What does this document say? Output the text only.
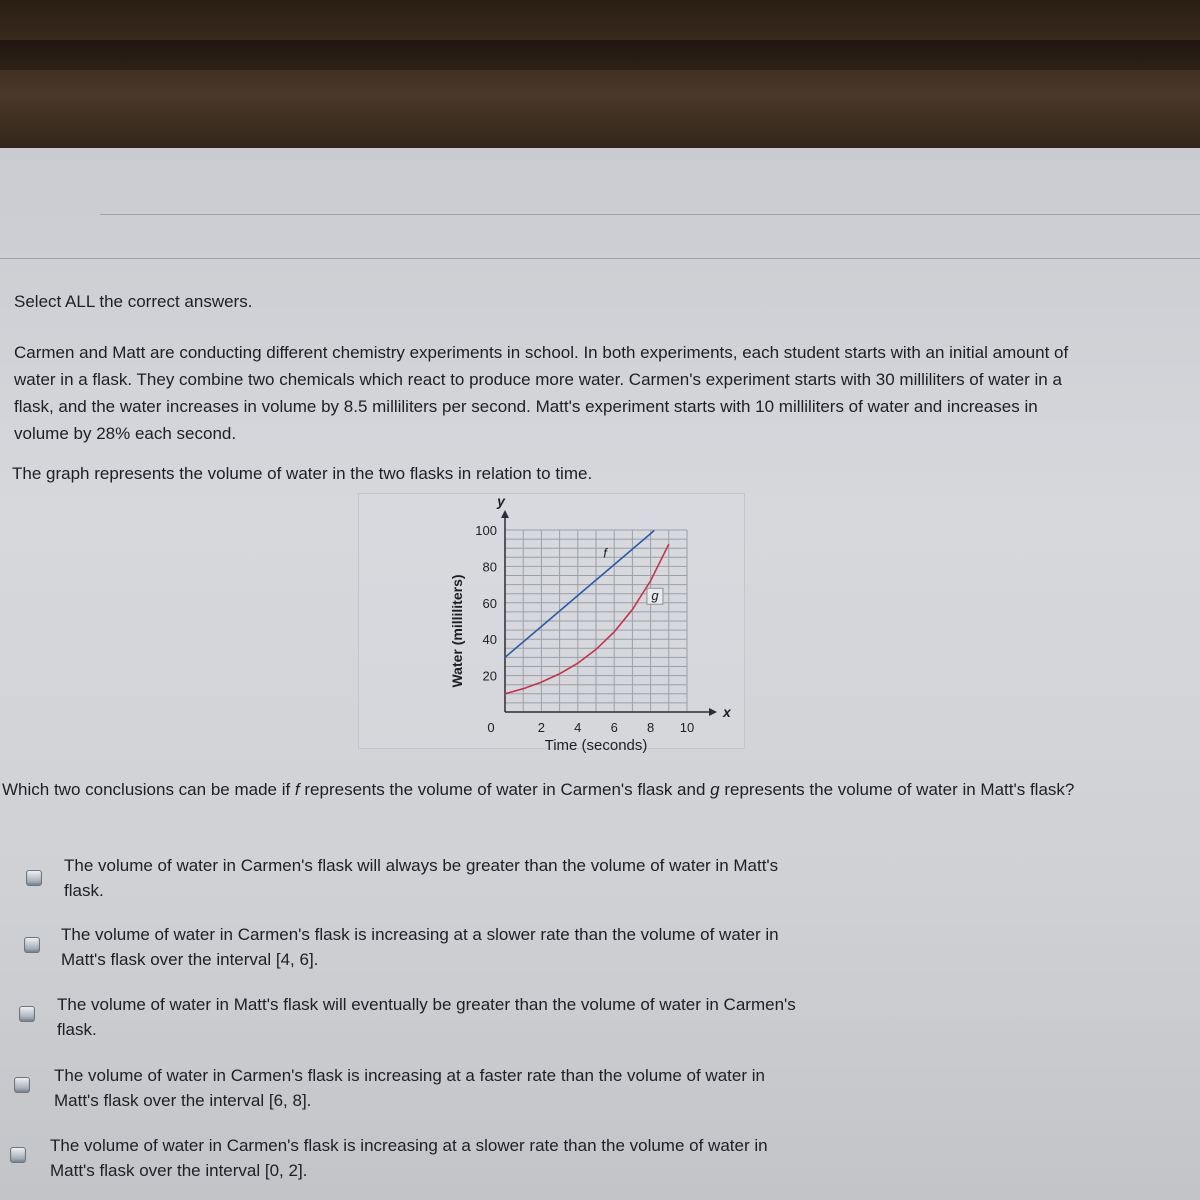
Select ALL the correct answers.
Carmen and Matt are conducting different chemistry experiments in school. In both experiments, each student starts with an initial amount of
water in a flask. They combine two chemicals which react to produce more water. Carmen's experiment starts with 30 milliliters of water in a
flask, and the water increases in volume by 8.5 milliliters per second. Matt's experiment starts with 10 milliliters of water and increases in
volume by 28% each second.
The graph represents the volume of water in the two flasks in relation to time.
x
y
0	2 4 6 8 10
20
40
60
80
100
Time (seconds)
Water (milliliters)
f
g
Which two conclusions can be made if f represents the volume of water in Carmen's flask and g represents the volume of water in Matt's flask?
The volume of water in Carmen's flask will always be greater than the volume of water in Matt's
flask.
The volume of water in Carmen's flask is increasing at a slower rate than the volume of water in
Matt's flask over the interval [4, 6].
The volume of water in Matt's flask will eventually be greater than the volume of water in Carmen's
flask.
The volume of water in Carmen's flask is increasing at a faster rate than the volume of water in
Matt's flask over the interval [6, 8].
The volume of water in Carmen's flask is increasing at a slower rate than the volume of water in
Matt's flask over the interval [0, 2].
